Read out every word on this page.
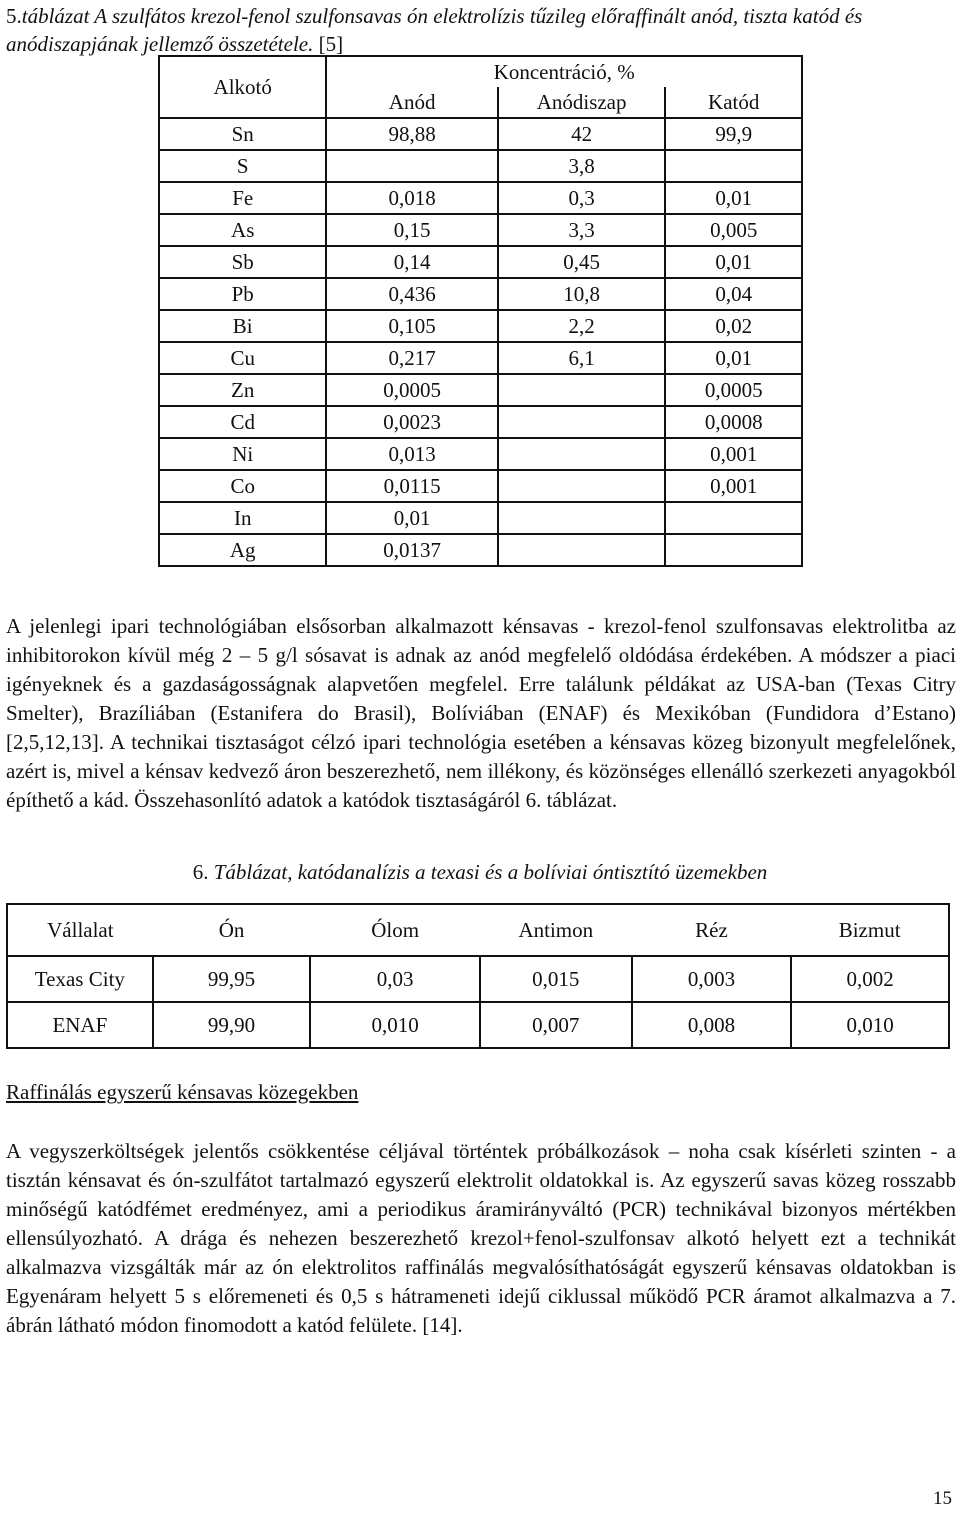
5.táblázat A szulfátos krezol-fenol szulfonsavas ón elektrolízis tűzileg előraffinált anód, tiszta katód és anódiszapjának jellemző összetétele. [5]
Alkotó	Koncentráció, %		
	Anód	Anódiszap	Katód
Sn	98,88	42	99,9
S		3,8	
Fe	0,018	0,3	0,01
As	0,15	3,3	0,005
Sb	0,14	0,45	0,01
Pb	0,436	10,8	0,04
Bi	0,105	2,2	0,02
Cu	0,217	6,1	0,01
Zn	0,0005		0,0005
Cd	0,0023		0,0008
Ni	0,013		0,001
Co	0,0115		0,001
In	0,01		
Ag	0,0137		
A jelenlegi ipari technológiában elsősorban alkalmazott kénsavas - krezol-fenol szulfonsavas elektrolitba az inhibitorokon kívül még 2 – 5 g/l sósavat is adnak az anód megfelelő oldódása érdekében. A módszer a piaci igényeknek és a gazdaságosságnak alapvetően megfelel. Erre találunk példákat az USA-ban (Texas Citry Smelter), Brazíliában (Estanifera do Brasil), Bolíviában (ENAF) és Mexikóban (Fundidora d’Estano) [2,5,12,13]. A technikai tisztaságot célzó ipari technológia esetében a kénsavas közeg bizonyult megfelelőnek, azért is, mivel a kénsav kedvező áron beszerezhető, nem illékony, és közönséges ellenálló szerkezeti anyagokból építhető a kád. Összehasonlító adatok a katódok tisztaságáról 6. táblázat.
6. Táblázat, katódanalízis a texasi és a bolíviai óntisztító üzemekben
Vállalat	Ón	Ólom	Antimon	Réz	Bizmut
Texas City	99,95	0,03	0,015	0,003	0,002
ENAF	99,90	0,010	0,007	0,008	0,010
Raffinálás egyszerű kénsavas közegekben
A vegyszerköltségek jelentős csökkentése céljával történtek próbálkozások – noha csak kísérleti szinten - a tisztán kénsavat és ón-szulfátot tartalmazó egyszerű elektrolit oldatokkal is. Az egyszerű savas közeg rosszabb minőségű katódfémet eredményez, ami a periodikus áramirányváltó (PCR) technikával bizonyos mértékben ellensúlyozható. A drága és nehezen beszerezhető krezol+fenol-szulfonsav alkotó helyett ezt a technikát alkalmazva vizsgálták már az ón elektrolitos raffinálás megvalósíthatóságát egyszerű kénsavas oldatokban is Egyenáram helyett 5 s előremeneti és 0,5 s hátrameneti idejű ciklussal működő PCR áramot alkalmazva a 7. ábrán látható módon finomodott a katód felülete. [14].
15
